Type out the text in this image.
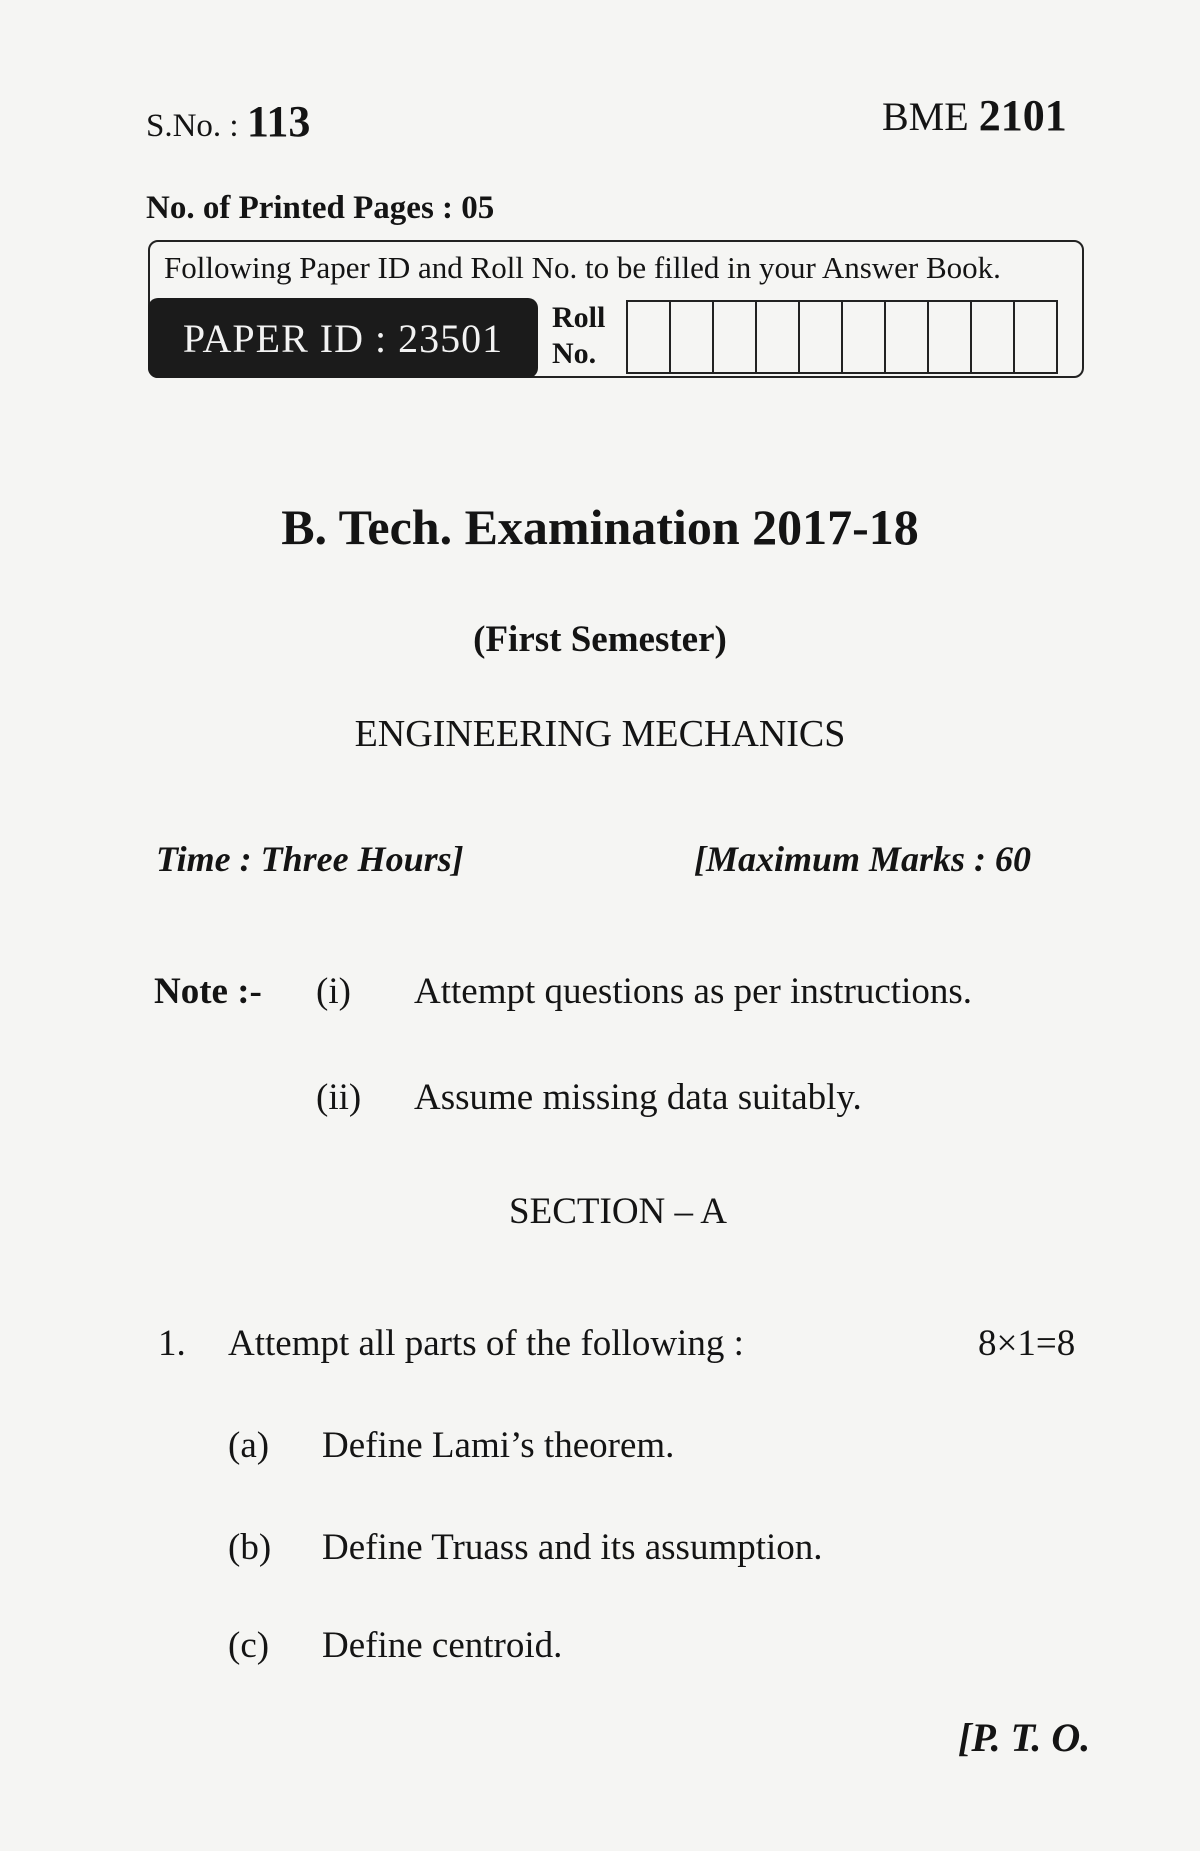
S.No. : 113	BME 2101
No. of Printed Pages : 05
Following Paper ID and Roll No. to be filled in your Answer Book.
PAPER ID : 23501	Roll
No.
B. Tech. Examination 2017-18
(First Semester)
ENGINEERING MECHANICS
Time : Three Hours]	[Maximum Marks : 60
Note :- (i) Attempt questions as per instructions.
(ii) Assume missing data suitably.
SECTION – A
1. Attempt all parts of the following :	8×1=8
(a) Define Lami’s theorem.
(b) Define Truass and its assumption.
(c) Define centroid.
[P. T. O.
